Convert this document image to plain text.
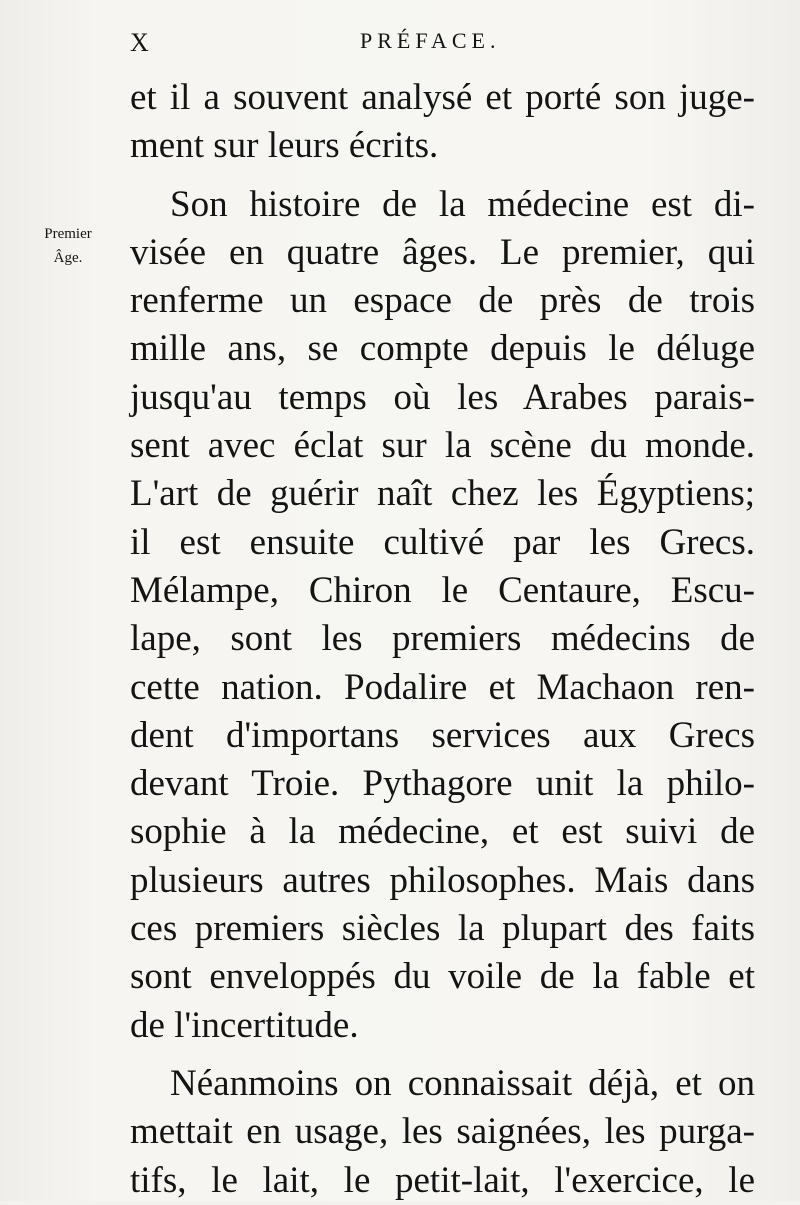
X	PRÉFACE.
Premier
Âge.
et il a souvent analysé et porté son juge-
ment sur leurs écrits.
Son histoire de la médecine est di-
visée en quatre âges. Le premier, qui
renferme un espace de près de trois
mille ans, se compte depuis le déluge
jusqu'au temps où les Arabes parais-
sent avec éclat sur la scène du monde.
L'art de guérir naît chez les Égyptiens;
il est ensuite cultivé par les Grecs.
Mélampe, Chiron le Centaure, Escu-
lape, sont les premiers médecins de
cette nation. Podalire et Machaon ren-
dent d'importans services aux Grecs
devant Troie. Pythagore unit la philo-
sophie à la médecine, et est suivi de
plusieurs autres philosophes. Mais dans
ces premiers siècles la plupart des faits
sont enveloppés du voile de la fable et
de l'incertitude.
Néanmoins on connaissait déjà, et on
mettait en usage, les saignées, les purga-
tifs, le lait, le petit-lait, l'exercice, le
